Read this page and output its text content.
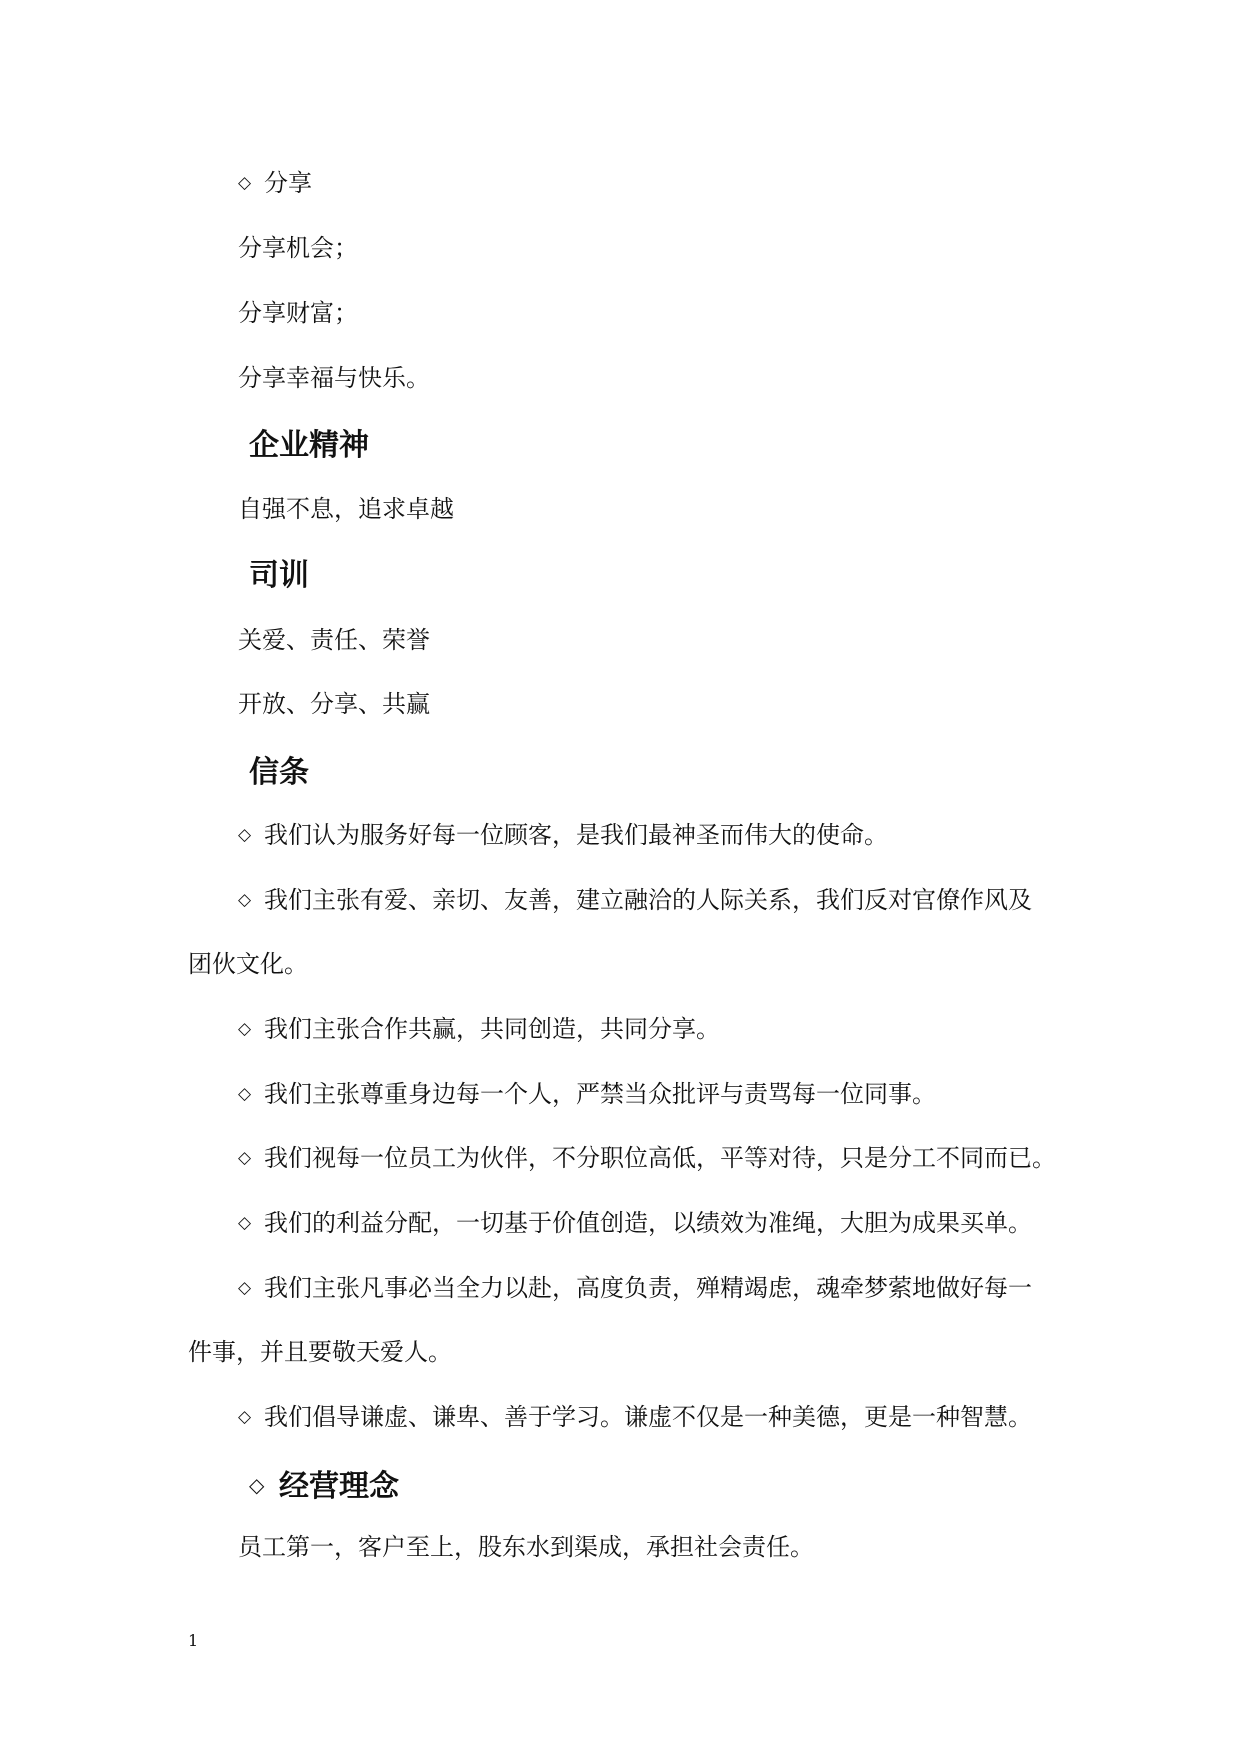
◇ 分享
分享机会；
分享财富；
分享幸福与快乐。
企业精神
自强不息，追求卓越
司训
关爱、责任、荣誉
开放、分享、共赢
信条
◇ 我们认为服务好每一位顾客，是我们最神圣而伟大的使命。
◇ 我们主张有爱、亲切、友善，建立融洽的人际关系，我们反对官僚作风及
团伙文化。
◇ 我们主张合作共赢，共同创造，共同分享。
◇ 我们主张尊重身边每一个人，严禁当众批评与责骂每一位同事。
◇ 我们视每一位员工为伙伴，不分职位高低，平等对待，只是分工不同而已。
◇ 我们的利益分配，一切基于价值创造，以绩效为准绳，大胆为成果买单。
◇ 我们主张凡事必当全力以赴，高度负责，殚精竭虑，魂牵梦萦地做好每一
件事，并且要敬天爱人。
◇ 我们倡导谦虚、谦卑、善于学习。谦虚不仅是一种美德，更是一种智慧。
◇ 经营理念
员工第一，客户至上，股东水到渠成，承担社会责任。
1
